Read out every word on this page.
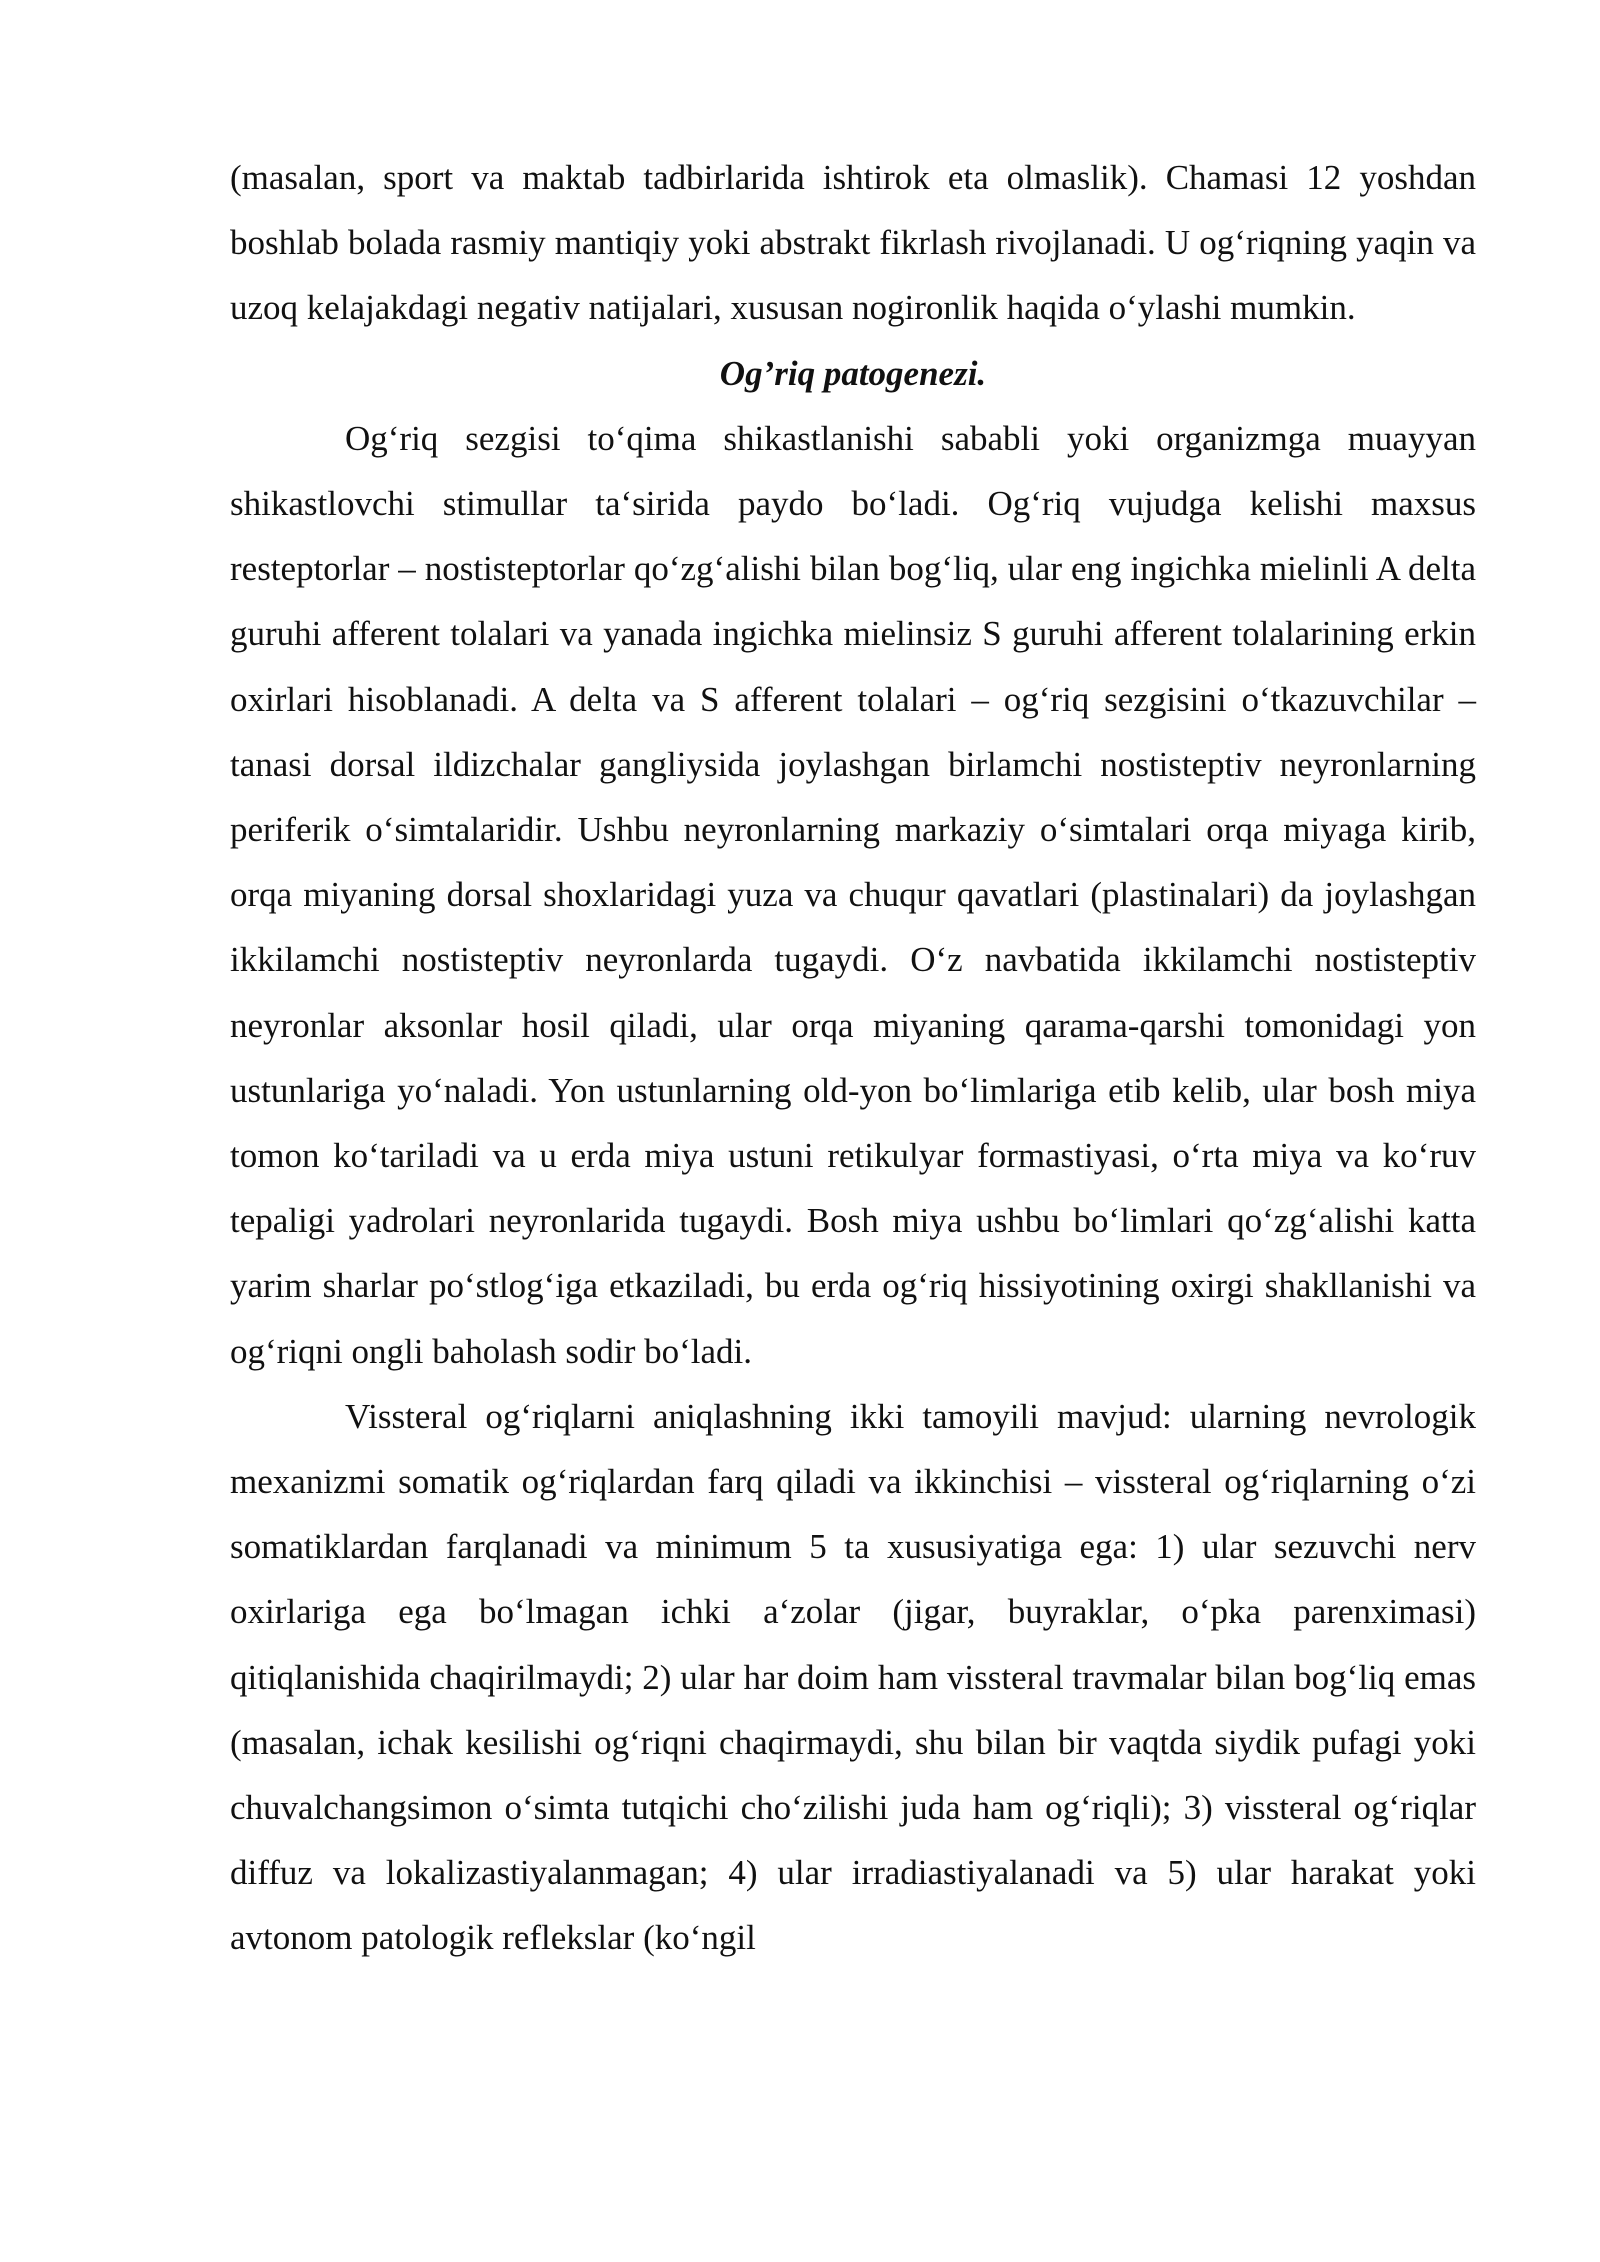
(masalan, sport va maktab tadbirlarida ishtirok eta olmaslik). Chamasi 12 yoshdan boshlab bolada rasmiy mantiqiy yoki abstrakt fikrlash rivojlanadi. U og‘riqning yaqin va uzoq kelajakdagi negativ natijalari, xususan nogironlik haqida o‘ylashi mumkin.

Og’riq patogenezi.

Og‘riq sezgisi to‘qima shikastlanishi sababli yoki organizmga muayyan shikastlovchi stimullar ta‘sirida paydo bo‘ladi. Og‘riq vujudga kelishi maxsus resteptorlar – nostisteptorlar qo‘zg‘alishi bilan bog‘liq, ular eng ingichka mielinli A delta guruhi afferent tolalari va yanada ingichka mielinsiz S guruhi afferent tolalarining erkin oxirlari hisoblanadi. A delta va S afferent tolalari – og‘riq sezgisini o‘tkazuvchilar – tanasi dorsal ildizchalar gangliysida joylashgan birlamchi nostisteptiv neyronlarning periferik o‘simtalaridir. Ushbu neyronlarning markaziy o‘simtalari orqa miyaga kirib, orqa miyaning dorsal shoxlaridagi yuza va chuqur qavatlari (plastinalari) da joylashgan ikkilamchi nostisteptiv neyronlarda tugaydi. O‘z navbatida ikkilamchi nostisteptiv neyronlar aksonlar hosil qiladi, ular orqa miyaning qarama-qarshi tomonidagi yon ustunlariga yo‘naladi. Yon ustunlarning old-yon bo‘limlariga etib kelib, ular bosh miya tomon ko‘tariladi va u erda miya ustuni retikulyar formastiyasi, o‘rta miya va ko‘ruv tepaligi yadrolari neyronlarida tugaydi. Bosh miya ushbu bo‘limlari qo‘zg‘alishi katta yarim sharlar po‘stlog‘iga etkaziladi, bu erda og‘riq hissiyotining oxirgi shakllanishi va og‘riqni ongli baholash sodir bo‘ladi.

Vissteral og‘riqlarni aniqlashning ikki tamoyili mavjud: ularning nevrologik mexanizmi somatik og‘riqlardan farq qiladi va ikkinchisi – vissteral og‘riqlarning o‘zi somatiklardan farqlanadi va minimum 5 ta xususiyatiga ega: 1) ular sezuvchi nerv oxirlariga ega bo‘lmagan ichki a‘zolar (jigar, buyraklar, o‘pka parenximasi) qitiqlanishida chaqirilmaydi; 2) ular har doim ham vissteral travmalar bilan bog‘liq emas (masalan, ichak kesilishi og‘riqni chaqirmaydi, shu bilan bir vaqtda siydik pufagi yoki chuvalchangsimon o‘simta tutqichi cho‘zilishi juda ham og‘riqli); 3) vissteral og‘riqlar diffuz va lokalizastiyalanmagan; 4) ular irradiastiyalanadi va 5) ular harakat yoki avtonom patologik reflekslar (ko‘ngil
